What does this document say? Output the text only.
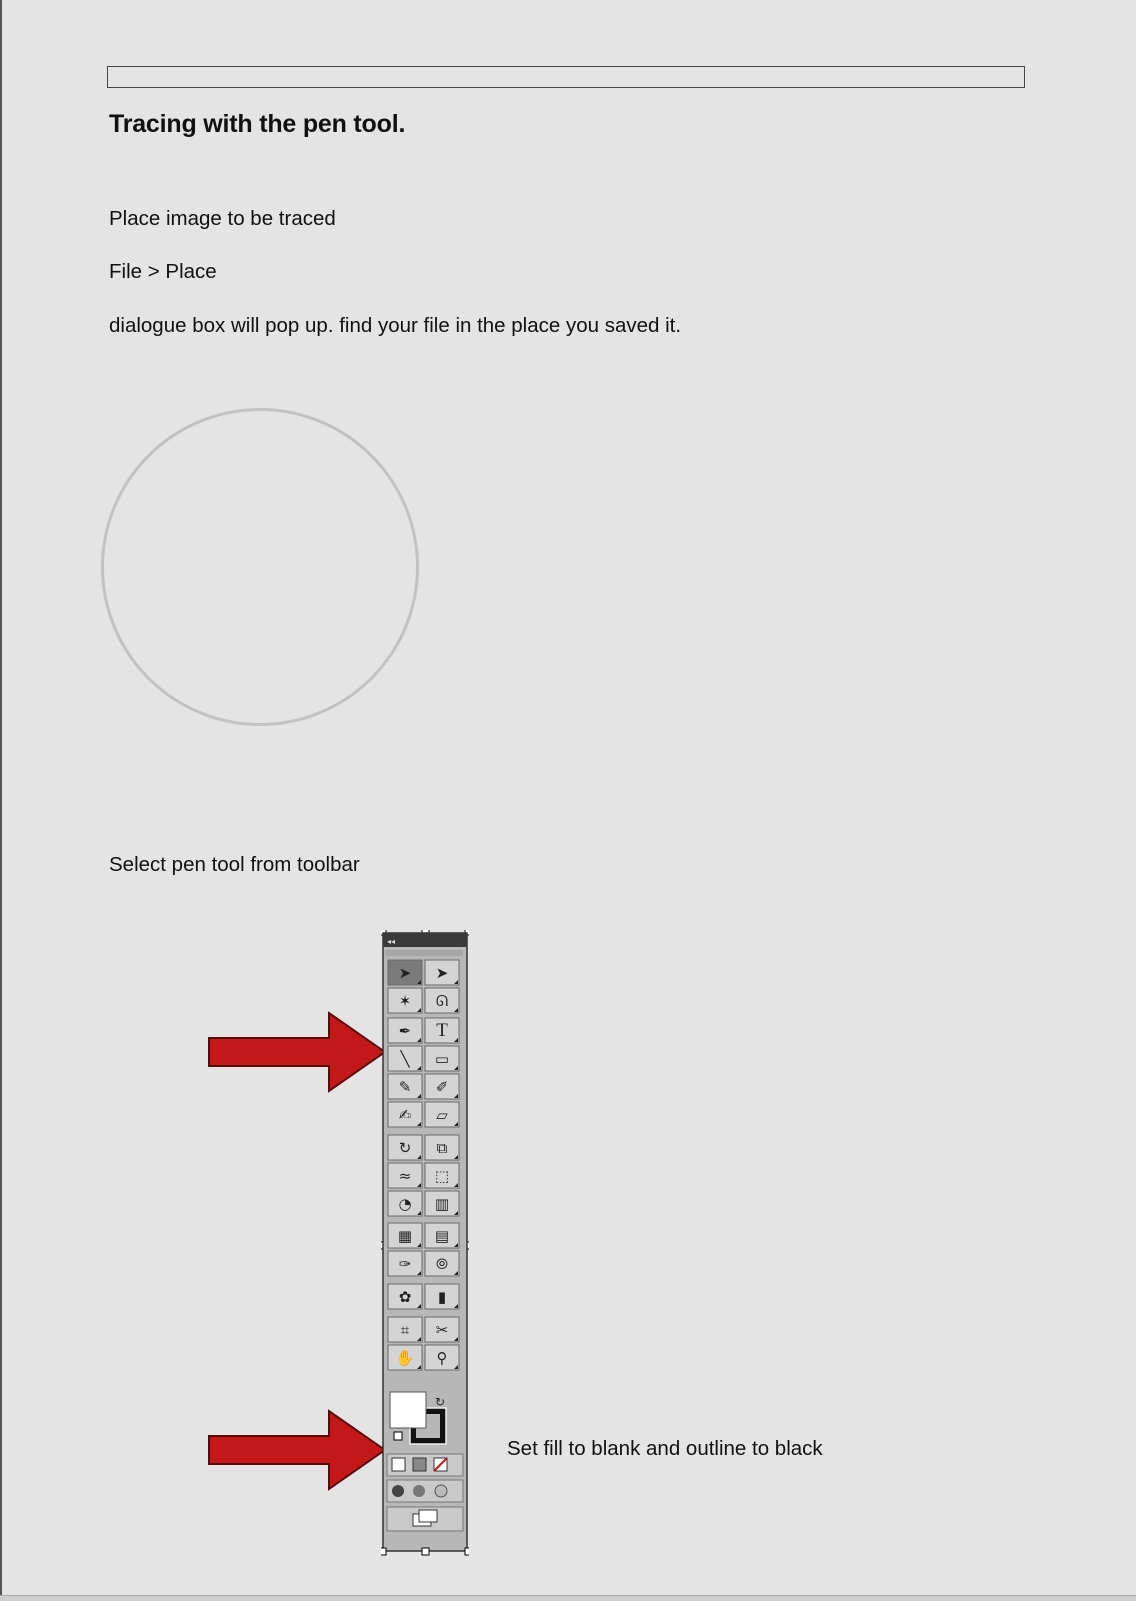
Tracing with the pen tool.

Place image to be traced

File > Place

dialogue box will pop up. find your file in the place you saved it.

Select pen tool from toolbar

◂◂
➤ ➤
✶ ᘏ
✒ T
╲ ▭
✎ ✐
✍ ▱
↻ ⧉
≈ ⬚
◔ ▥
▦ ▤
✑ ⦾
✿ ▮
⌗ ✂
✋ ⚲
↻

Set fill to blank and outline to black
